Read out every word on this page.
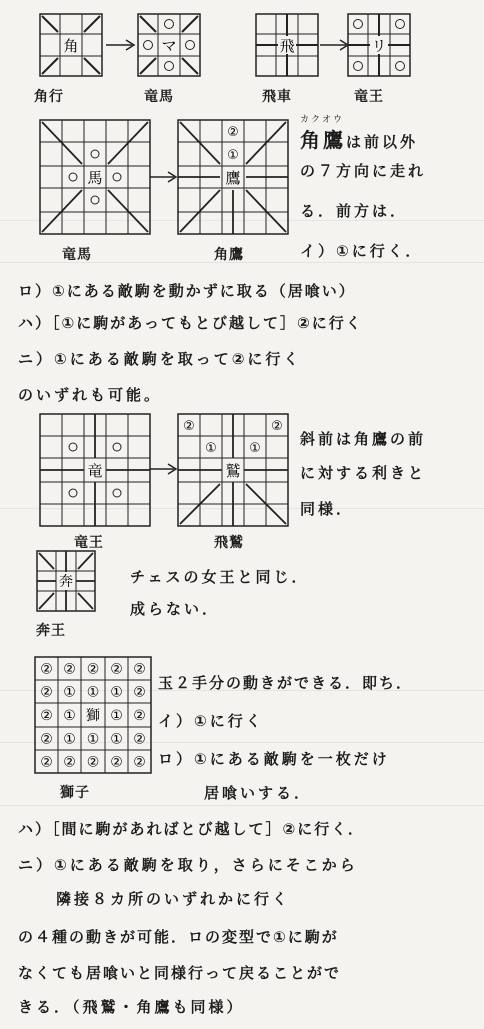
角
角行
マ
竜馬
飛
飛車
リ
竜王
馬
竜馬
②
①
鷹
角鷹
カクオウ
角鷹は前以外
の７方向に走れ
る．前方は．
イ）①に行く．
ロ）①にある敵駒を動かずに取る（居喰い）
ハ）［①に駒があってもとび越して］②に行く
ニ）①にある敵駒を取って②に行く
のいずれも可能。
竜
竜王
②	②
① ①
鷲
飛鷲
斜前は角鷹の前
に対する利きと
同様．
奔
奔王
チェスの女王と同じ．
成らない．
② ② ② ② ②
② ① ① ① ②
② ① 獅 ① ②
② ① ① ① ②
② ② ② ② ②
獅子
玉２手分の動きができる．即ち．
イ）①に行く
ロ）①にある敵駒を一枚だけ
居喰いする．
ハ）［間に駒があればとび越して］②に行く．
ニ）①にある敵駒を取り，さらにそこから
隣接８カ所のいずれかに行く
の４種の動きが可能．ロの変型で①に駒が
なくても居喰いと同様行って戻ることがで
きる．（飛鷲・角鷹も同様）
